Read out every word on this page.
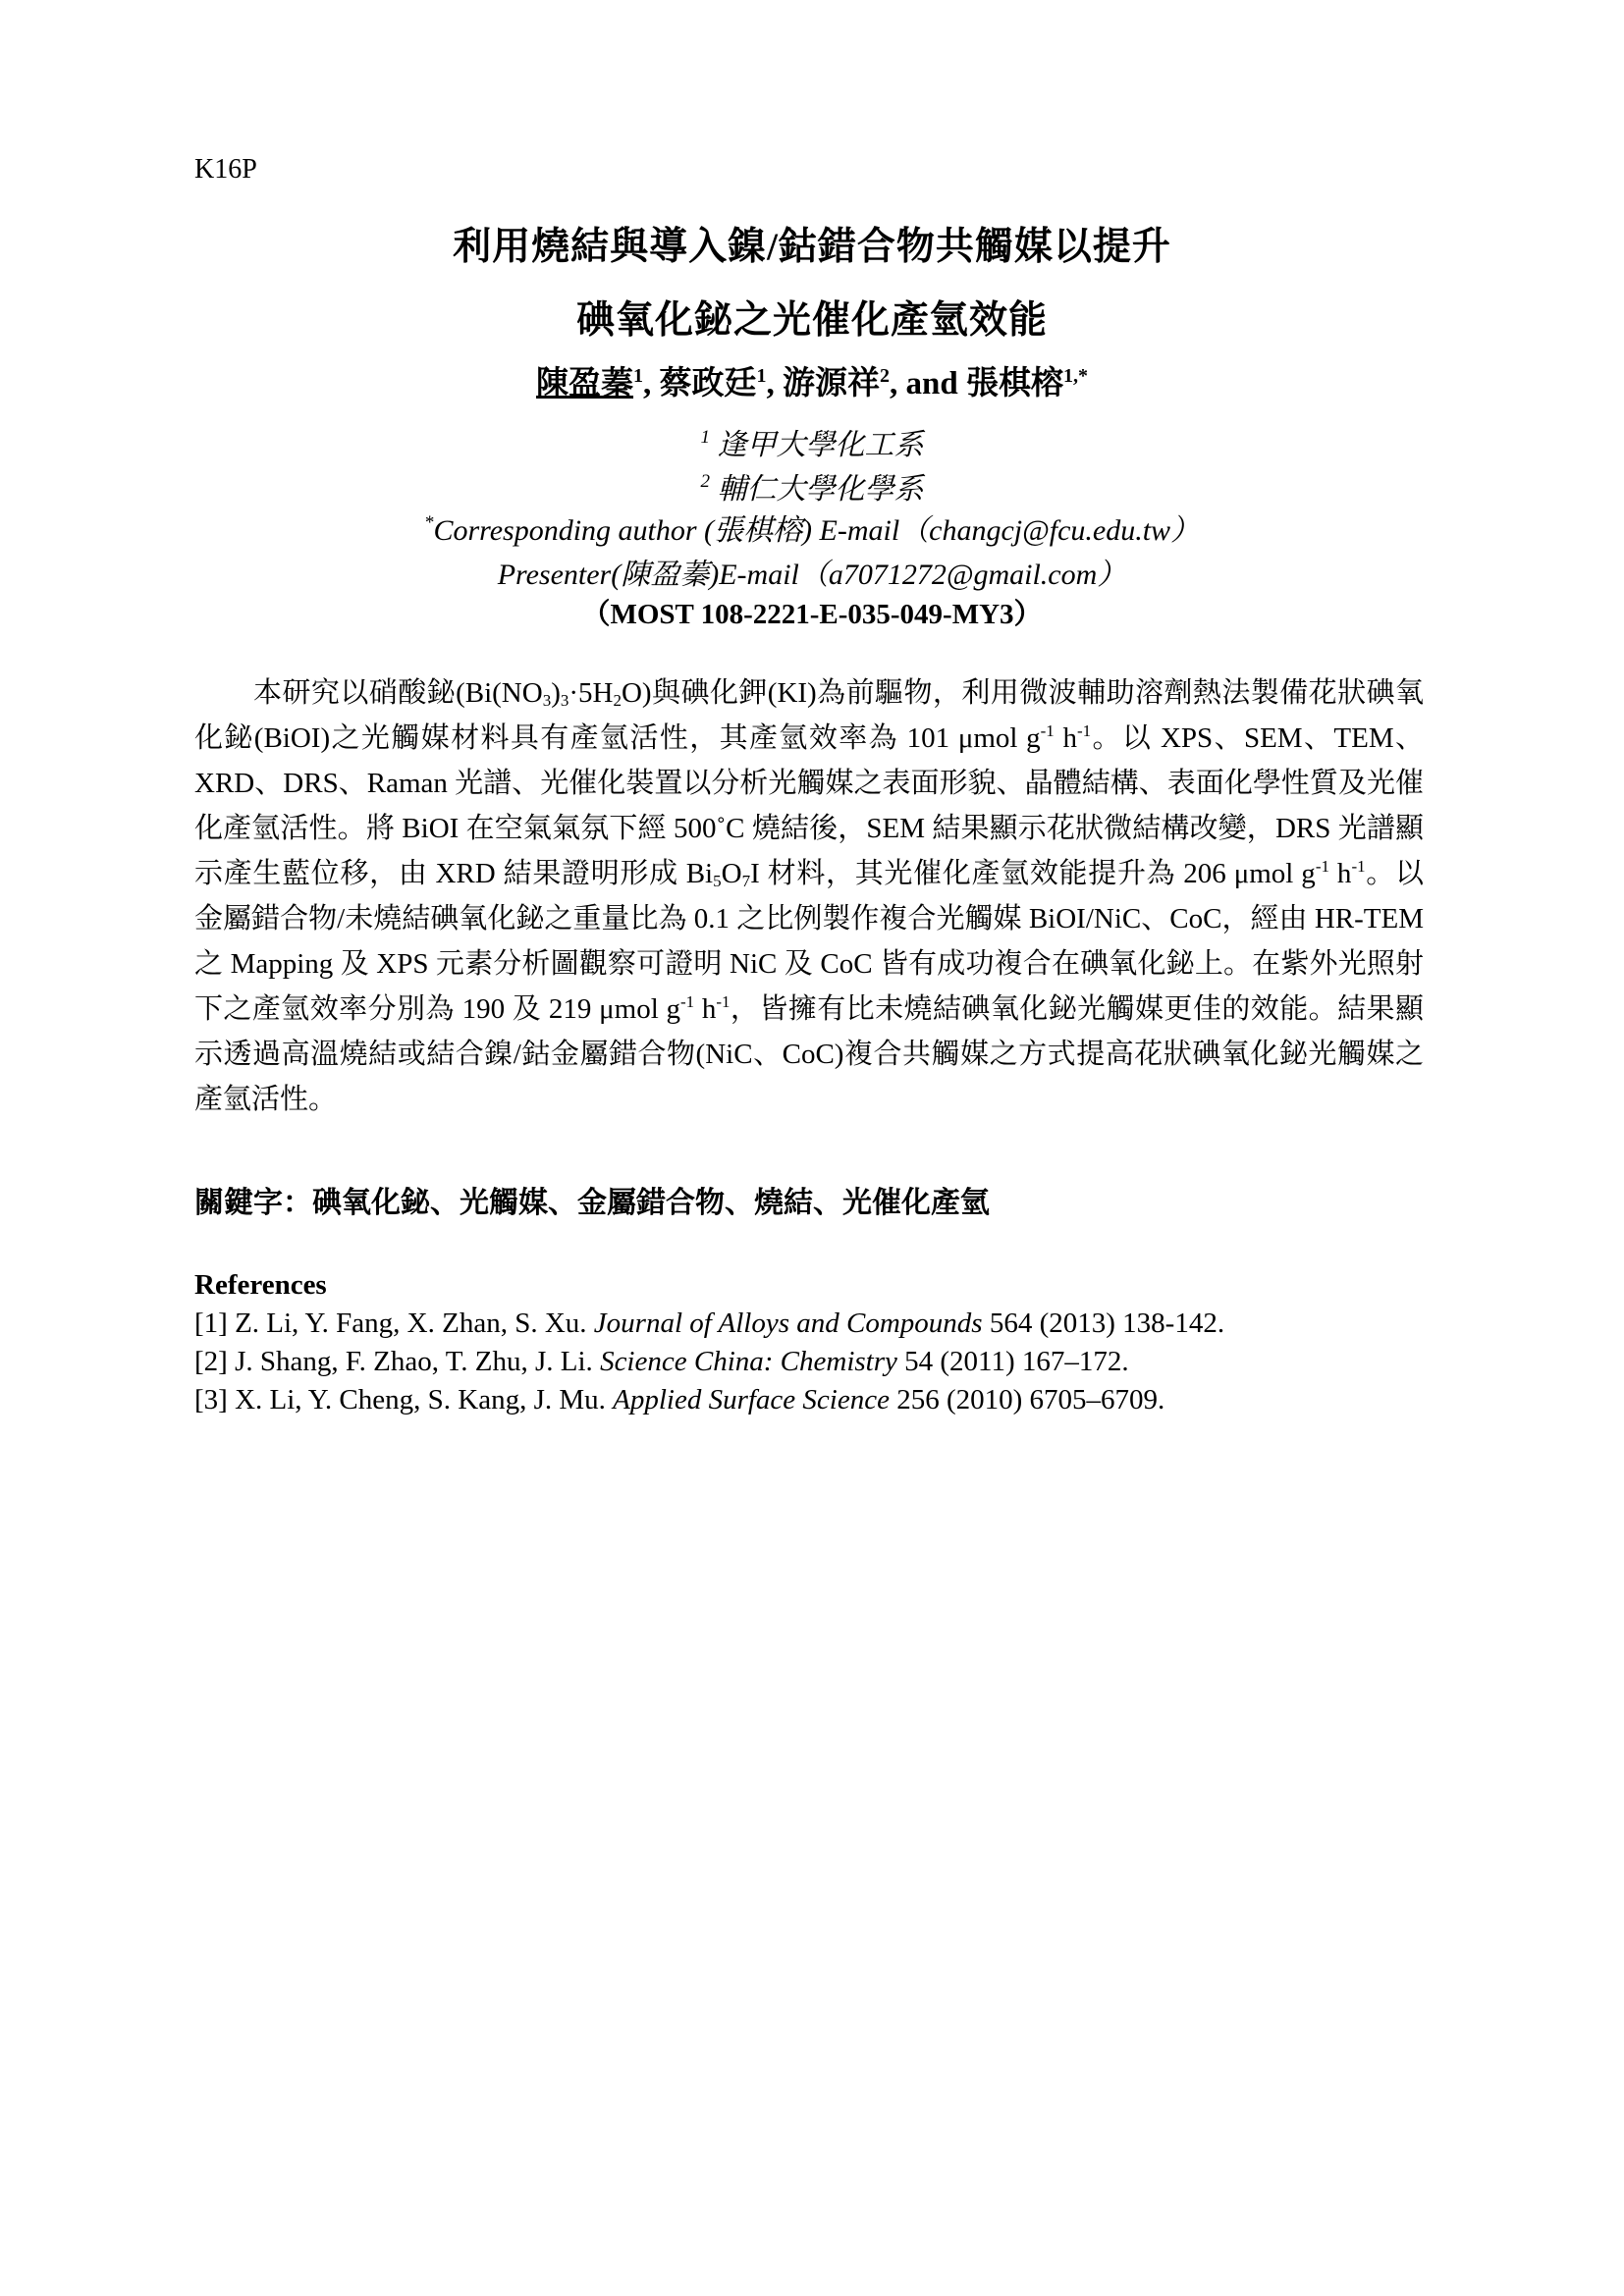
K16P
利用燒結與導入鎳/鈷錯合物共觸媒以提升
碘氧化鉍之光催化產氫效能
陳盈蓁$^1$, 蔡政廷$^1$, 游源祥$^2$, and 張棋榕$^{1,*}$
$^1$ 逢甲大學化工系
$^2$ 輔仁大學化學系
*Corresponding author (張棋榕) E-mail（changcj@fcu.edu.tw）
Presenter(陳盈蓁)E-mail（a7071272@gmail.com）
（MOST 108-2221-E-035-049-MY3）

本研究以硝酸鉍$(Bi(NO_3)_3\cdot 5H_2O)$與碘化鉀(KI)為前驅物，利用微波輔助溶劑熱法製備花狀碘氧化鉍(BiOI)之光觸媒材料具有產氫活性，其產氫效率為 101 μmol $g^{-1}$ $h^{-1}$。以 XPS、SEM、TEM、XRD、DRS、Raman 光譜、光催化裝置以分析光觸媒之表面形貌、晶體結構、表面化學性質及光催化產氫活性。將 BiOI 在空氣氣氛下經 500˚C 燒結後，SEM 結果顯示花狀微結構改變，DRS 光譜顯示產生藍位移，由 XRD 結果證明形成 $Bi_5O_7I$ 材料，其光催化產氫效能提升為 206 μmol $g^{-1}$ $h^{-1}$。以金屬錯合物/未燒結碘氧化鉍之重量比為 0.1 之比例製作複合光觸媒 BiOI/NiC、CoC，經由 HR-TEM 之 Mapping 及 XPS 元素分析圖觀察可證明 NiC 及 CoC 皆有成功複合在碘氧化鉍上。在紫外光照射下之產氫效率分別為 190 及 219 μmol $g^{-1}$ $h^{-1}$，皆擁有比未燒結碘氧化鉍光觸媒更佳的效能。結果顯示透過高溫燒結或結合鎳/鈷金屬錯合物(NiC、CoC)複合共觸媒之方式提高花狀碘氧化鉍光觸媒之產氫活性。

關鍵字：碘氧化鉍、光觸媒、金屬錯合物、燒結、光催化產氫
References
[1] Z. Li, Y. Fang, X. Zhan, S. Xu. Journal of Alloys and Compounds 564 (2013) 138-142.
[2] J. Shang, F. Zhao, T. Zhu, J. Li. Science China: Chemistry 54 (2011) 167–172.
[3] X. Li, Y. Cheng, S. Kang, J. Mu. Applied Surface Science 256 (2010) 6705–6709.
